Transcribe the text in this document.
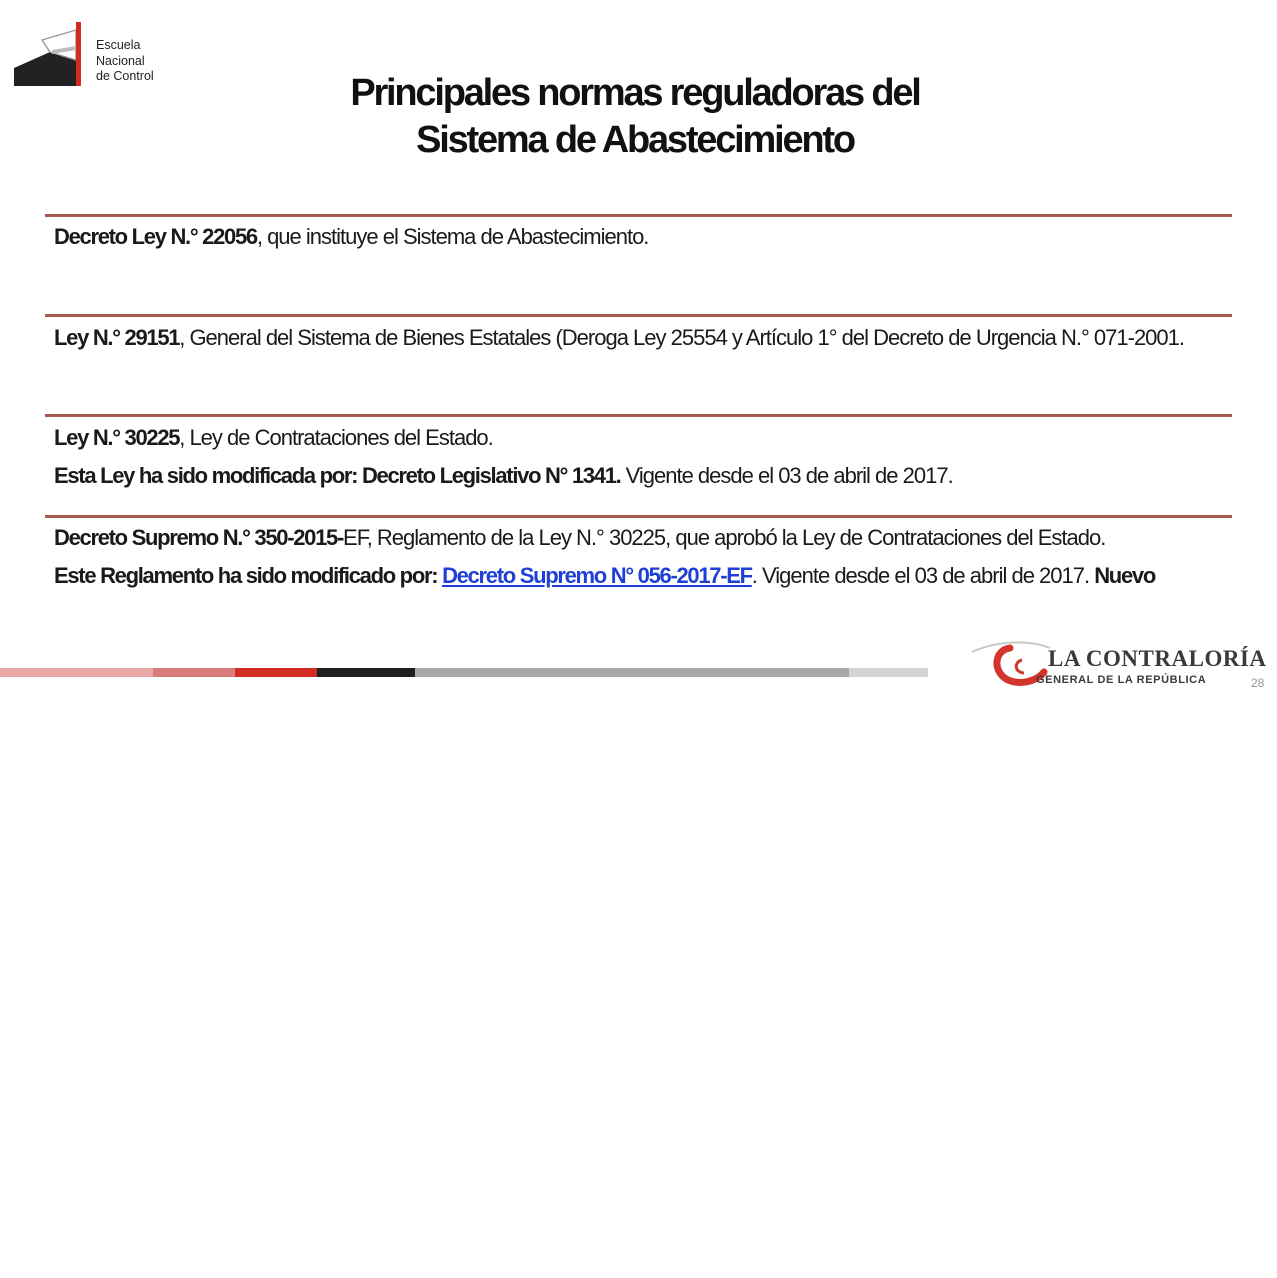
Escuela
Nacional
de Control	Principales normas reguladoras del
Sistema de Abastecimiento

Decreto Ley N.° 22056, que instituye el Sistema de Abastecimiento.

Ley N.° 29151, General del Sistema de Bienes Estatales (Deroga Ley 25554 y Artículo 1° del Decreto de Urgencia N.° 071-2001.

Ley N.° 30225, Ley de Contrataciones del Estado.

Esta Ley ha sido modificada por: Decreto Legislativo N° 1341. Vigente desde el 03 de abril de 2017.

Decreto Supremo N.° 350-2015-EF, Reglamento de la Ley N.° 30225, que aprobó la Ley de Contrataciones del Estado.

Este Reglamento ha sido modificado por: Decreto Supremo N° 056-2017-EF. Vigente desde el 03 de abril de 2017. Nuevo

LA CONTRALORÍA
GENERAL DE LA REPÚBLICA	28
